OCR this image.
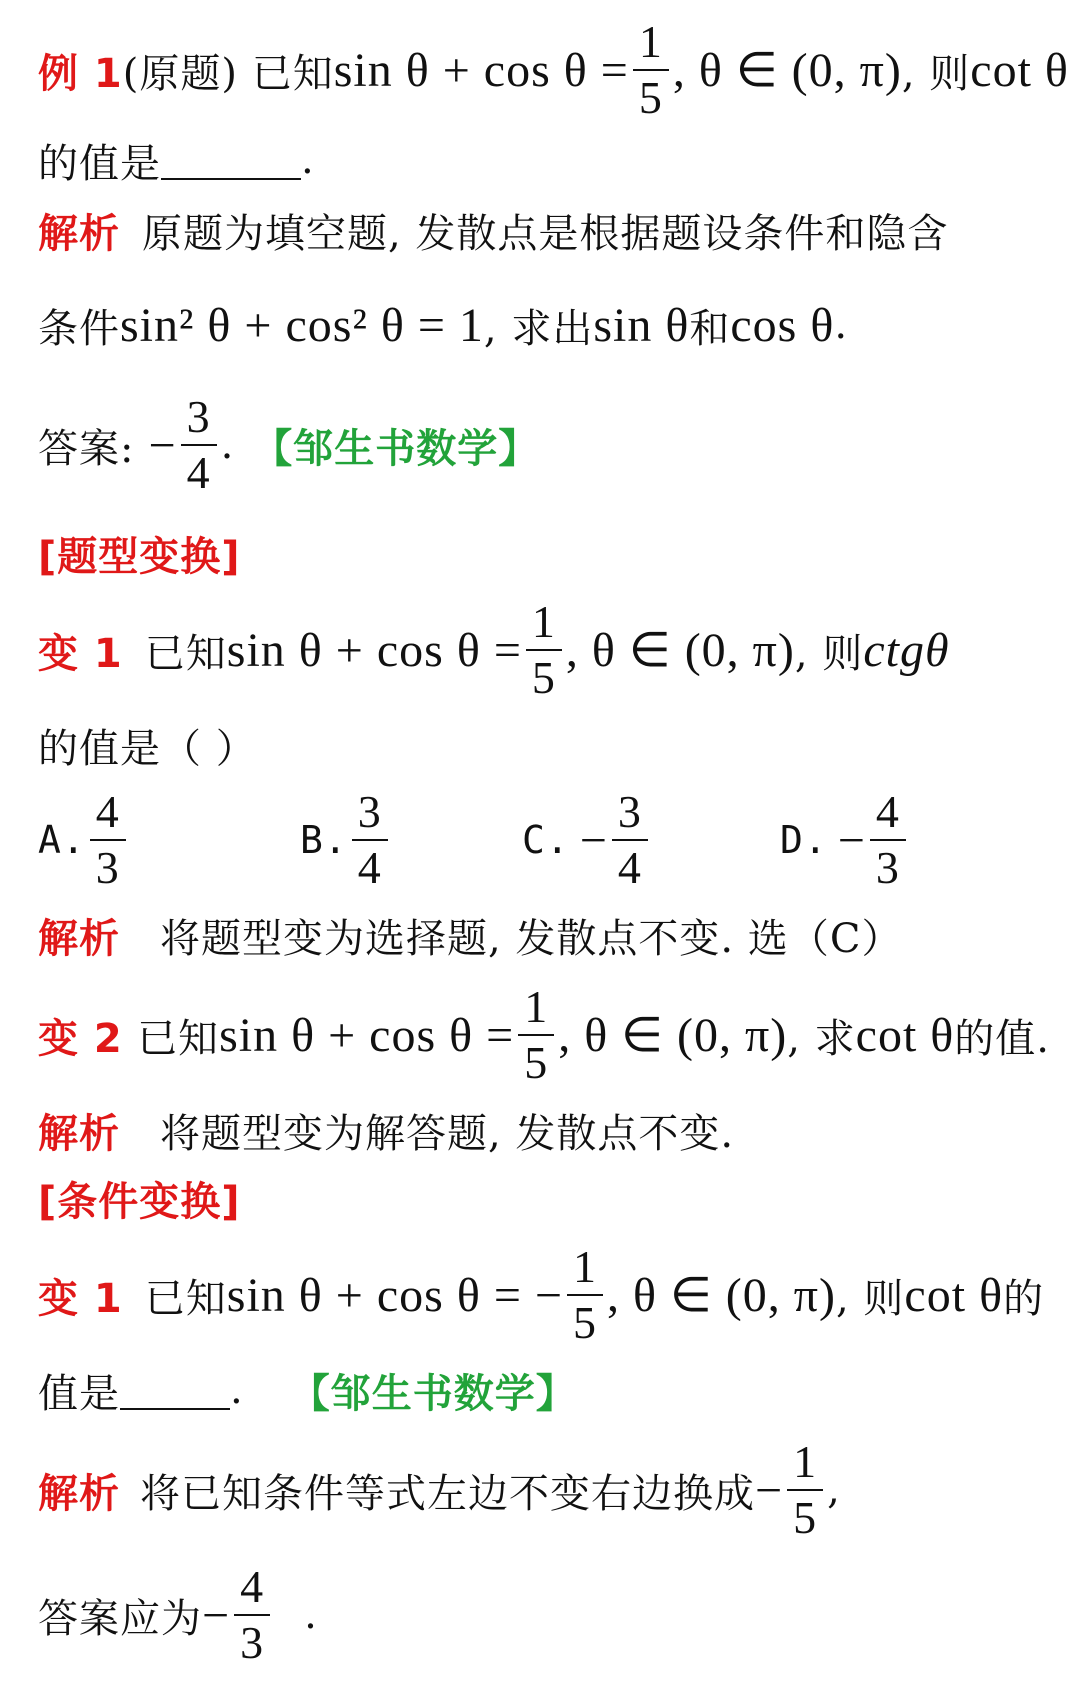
例 1 (原题) 已知 $\sin \theta + \cos \theta = \frac{1}{5}$ , θ ∈ (0, π) , 则 cot θ
的值是	.
解析 原题为填空题, 发散点是根据题设条件和隐含
条件 sin² θ + cos² θ = 1 , 求出 sin θ 和 cos θ .
答案: − $\frac{3}{4}$ . 【邹生书数学】
[题型变换]
变 1 已知 $\sin \theta + \cos \theta = \frac{1}{5}$ , θ ∈ (0, π) , 则 ctgθ
的值是（ ）
A. $\frac{4}{3}$	B. $\frac{3}{4}$	C. − $\frac{3}{4}$	D. − $\frac{4}{3}$
解析 将题型变为选择题, 发散点不变. 选（C）
变 2 已知 $\sin \theta + \cos \theta = \frac{1}{5}$ , θ ∈ (0, π) , 求 cot θ 的值.
解析 将题型变为解答题, 发散点不变.
[条件变换]
变 1 已知 sin θ + cos θ = − $\frac{1}{5}$ , θ ∈ (0, π) , 则 cot θ 的
值是	. 【邹生书数学】
解析 将已知条件等式左边不变右边换成 − $\frac{1}{5}$ ,
答案应为 − $\frac{4}{3}$ .
